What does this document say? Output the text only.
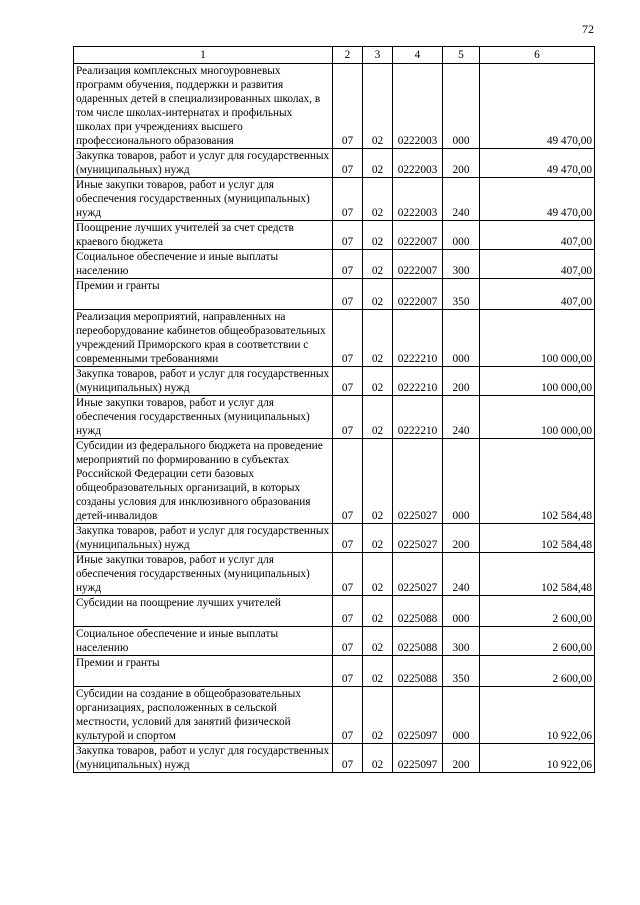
72
1	2	3	4	5	6
Реализация комплексных многоуровневых программ обучения, поддержки и развития одаренных детей в специализированных школах, в том числе школах-интернатах и профильных школах при учреждениях высшего профессионального образования	07	02	0222003	000	49 470,00
Закупка товаров, работ и услуг для государственных (муниципальных) нужд	07	02	0222003	200	49 470,00
Иные закупки товаров, работ и услуг для обеспечения государственных (муниципальных) нужд	07	02	0222003	240	49 470,00
Поощрение лучших учителей за счет средств краевого бюджета	07	02	0222007	000	407,00
Социальное обеспечение и иные выплаты населению	07	02	0222007	300	407,00
Премии и гранты	07	02	0222007	350	407,00
Реализация мероприятий, направленных на переоборудование кабинетов общеобразовательных учреждений Приморского края в соответствии с современными требованиями	07	02	0222210	000	100 000,00
Закупка товаров, работ и услуг для государственных (муниципальных) нужд	07	02	0222210	200	100 000,00
Иные закупки товаров, работ и услуг для обеспечения государственных (муниципальных) нужд	07	02	0222210	240	100 000,00
Субсидии из федерального бюджета на проведение мероприятий по формированию в субъектах Российской Федерации сети базовых общеобразовательных организаций, в которых созданы условия для инклюзивного образования детей-инвалидов	07	02	0225027	000	102 584,48
Закупка товаров, работ и услуг для государственных (муниципальных) нужд	07	02	0225027	200	102 584,48
Иные закупки товаров, работ и услуг для обеспечения государственных (муниципальных) нужд	07	02	0225027	240	102 584,48
Субсидии на поощрение лучших учителей	07	02	0225088	000	2 600,00
Социальное обеспечение и иные выплаты населению	07	02	0225088	300	2 600,00
Премии и гранты	07	02	0225088	350	2 600,00
Субсидии на создание в общеобразовательных организациях, расположенных в сельской местности, условий для занятий физической культурой и спортом	07	02	0225097	000	10 922,06
Закупка товаров, работ и услуг для государственных (муниципальных) нужд	07	02	0225097	200	10 922,06
